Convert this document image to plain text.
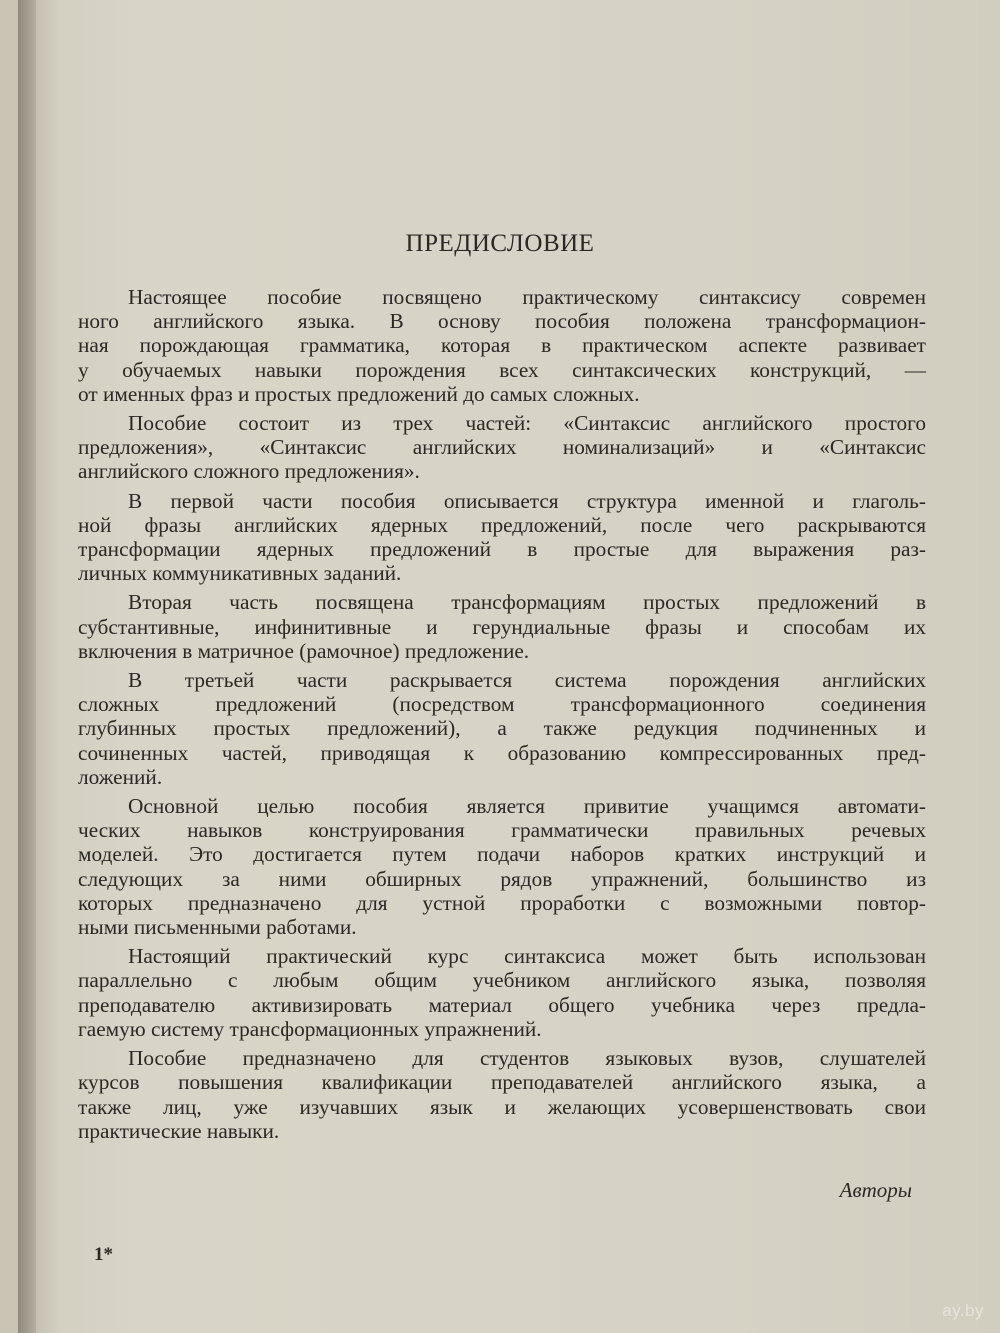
ПРЕДИСЛОВИЕ
Настоящее пособие посвящено практическому синтаксису современ
ного английского языка. В основу пособия положена трансформацион-
ная порождающая грамматика, которая в практическом аспекте развивает
у обучаемых навыки порождения всех синтаксических конструкций, —
от именных фраз и простых предложений до самых сложных.
Пособие состоит из трех частей: «Синтаксис английского простого
предложения», «Синтаксис английских номинализаций» и «Синтаксис
английского сложного предложения».
В первой части пособия описывается структура именной и глаголь-
ной фразы английских ядерных предложений, после чего раскрываются
трансформации ядерных предложений в простые для выражения раз-
личных коммуникативных заданий.
Вторая часть посвящена трансформациям простых предложений в
субстантивные, инфинитивные и герундиальные фразы и способам их
включения в матричное (рамочное) предложение.
В третьей части раскрывается система порождения английских
сложных предложений (посредством трансформационного соединения
глубинных простых предложений), а также редукция подчиненных и
сочиненных частей, приводящая к образованию компрессированных пред-
ложений.
Основной целью пособия является привитие учащимся автомати-
ческих навыков конструирования грамматически правильных речевых
моделей. Это достигается путем подачи наборов кратких инструкций и
следующих за ними обширных рядов упражнений, большинство из
которых предназначено для устной проработки с возможными повтор-
ными письменными работами.
Настоящий практический курс синтаксиса может быть использован
параллельно с любым общим учебником английского языка, позволяя
преподавателю активизировать материал общего учебника через предла-
гаемую систему трансформационных упражнений.
Пособие предназначено для студентов языковых вузов, слушателей
курсов повышения квалификации преподавателей английского языка, а
также лиц, уже изучавших язык и желающих усовершенствовать свои
практические навыки.
Авторы
1*
ay.by
